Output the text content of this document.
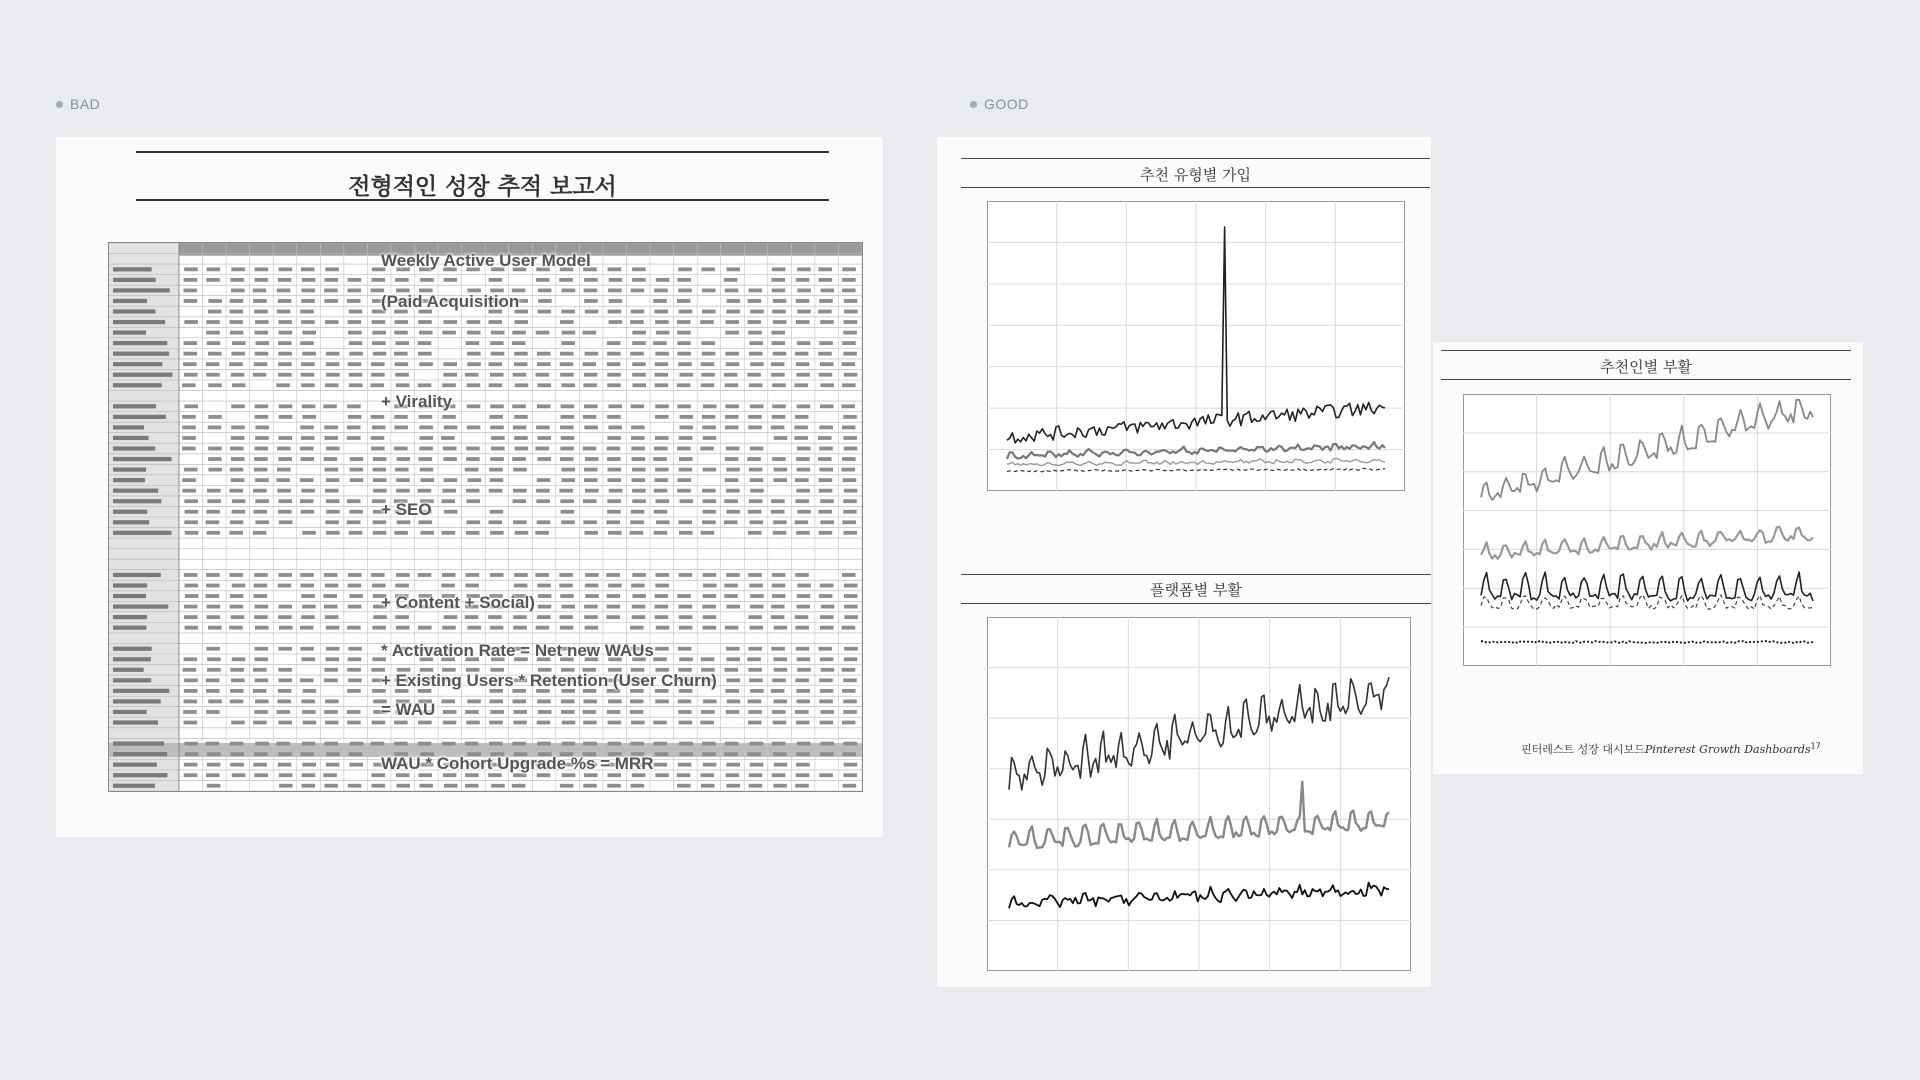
BAD	GOOD
전형적인 성장 추적 보고서
Weekly Active User Model
(Paid Acquisition
+ Virality
+ SEO
+ Content + Social)
* Activation Rate = Net new WAUs
+ Existing Users * Retention (User Churn)
= WAU
WAU * Cohort Upgrade %s = MRR
추천 유형별 가입
플랫폼별 부활
추천인별 부활
핀터레스트 성장 대시보드Pinterest Growth Dashboards$^{17}$
